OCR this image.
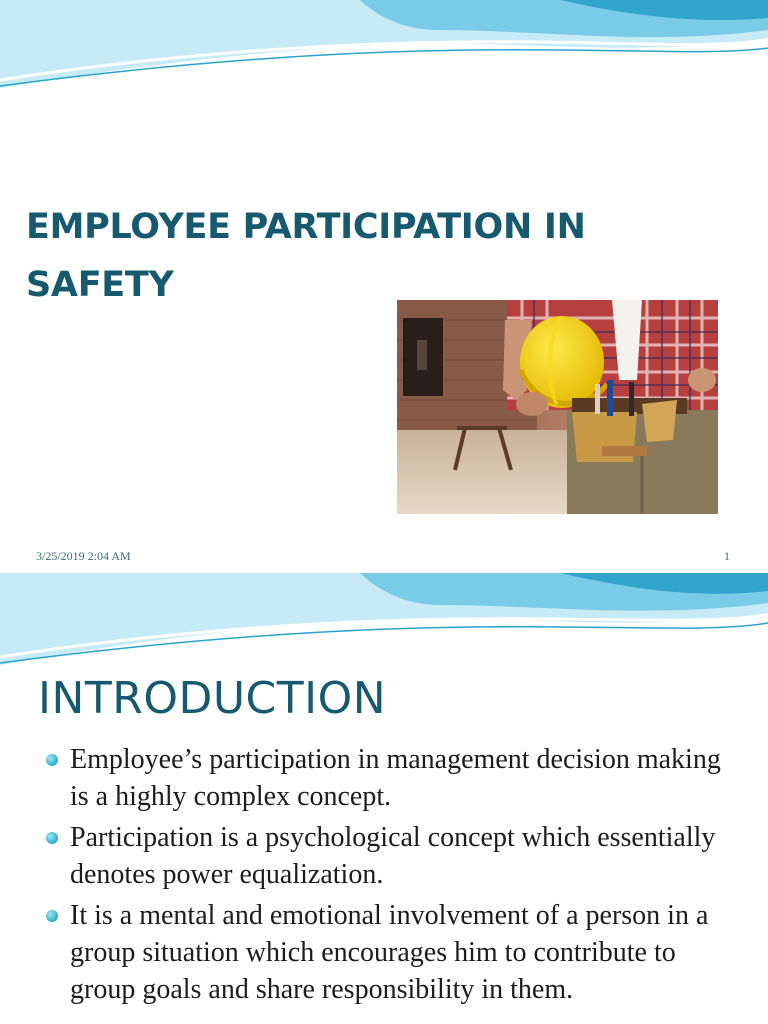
EMPLOYEE PARTICIPATION IN
SAFETY
3/25/2019 2:04 AM	1
INTRODUCTION
Employee’s participation in management decision making is a highly complex concept.
Participation is a psychological concept which essentially denotes power equalization.
It is a mental and emotional involvement of a person in a group situation which encourages him to contribute to group goals and share responsibility in them.
